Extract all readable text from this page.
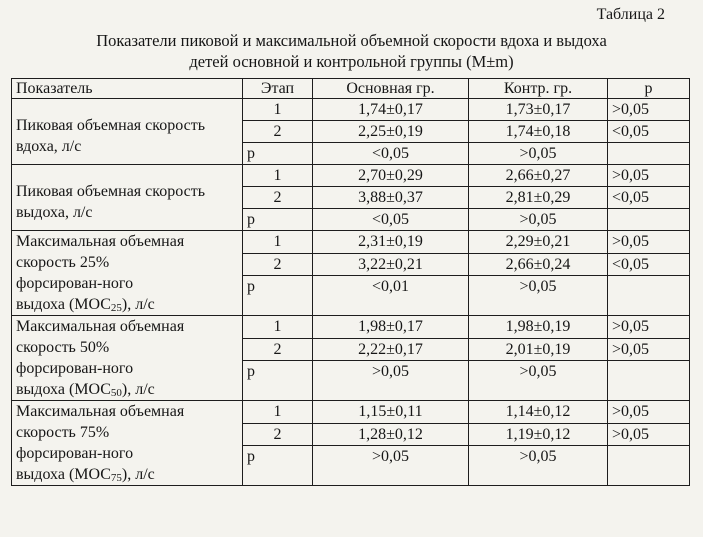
Таблица 2
Показатели пиковой и максимальной объемной скорости вдоха и выдоха
детей основной и контрольной группы (M±m)
Показатель	Этап	Основная гр.	Контр. гр.	p
Пиковая объемная скорость вдоха, л/с	1	1,74±0,17	1,73±0,17	>0,05
	2	2,25±0,19	1,74±0,18	<0,05
	p	<0,05	>0,05	
Пиковая объемная скорость выдоха, л/с	1	2,70±0,29	2,66±0,27	>0,05
	2	3,88±0,37	2,81±0,29	<0,05
	p	<0,05	>0,05	
Максимальная объемная
скорость 25%
форсирован-ного
выдоха $(МОС_{25})$, л/с	1	2,31±0,19	2,29±0,21	>0,05
	2	3,22±0,21	2,66±0,24	<0,05
	p	<0,01	>0,05	
Максимальная объемная
скорость 50%
форсирован-ного
выдоха $(МОС_{50})$, л/с	1	1,98±0,17	1,98±0,19	>0,05
	2	2,22±0,17	2,01±0,19	>0,05
	p	>0,05	>0,05	
Максимальная объемная
скорость 75%
форсирован-ного
выдоха $(МОС_{75})$, л/с	1	1,15±0,11	1,14±0,12	>0,05
	2	1,28±0,12	1,19±0,12	>0,05
	p	>0,05	>0,05	
